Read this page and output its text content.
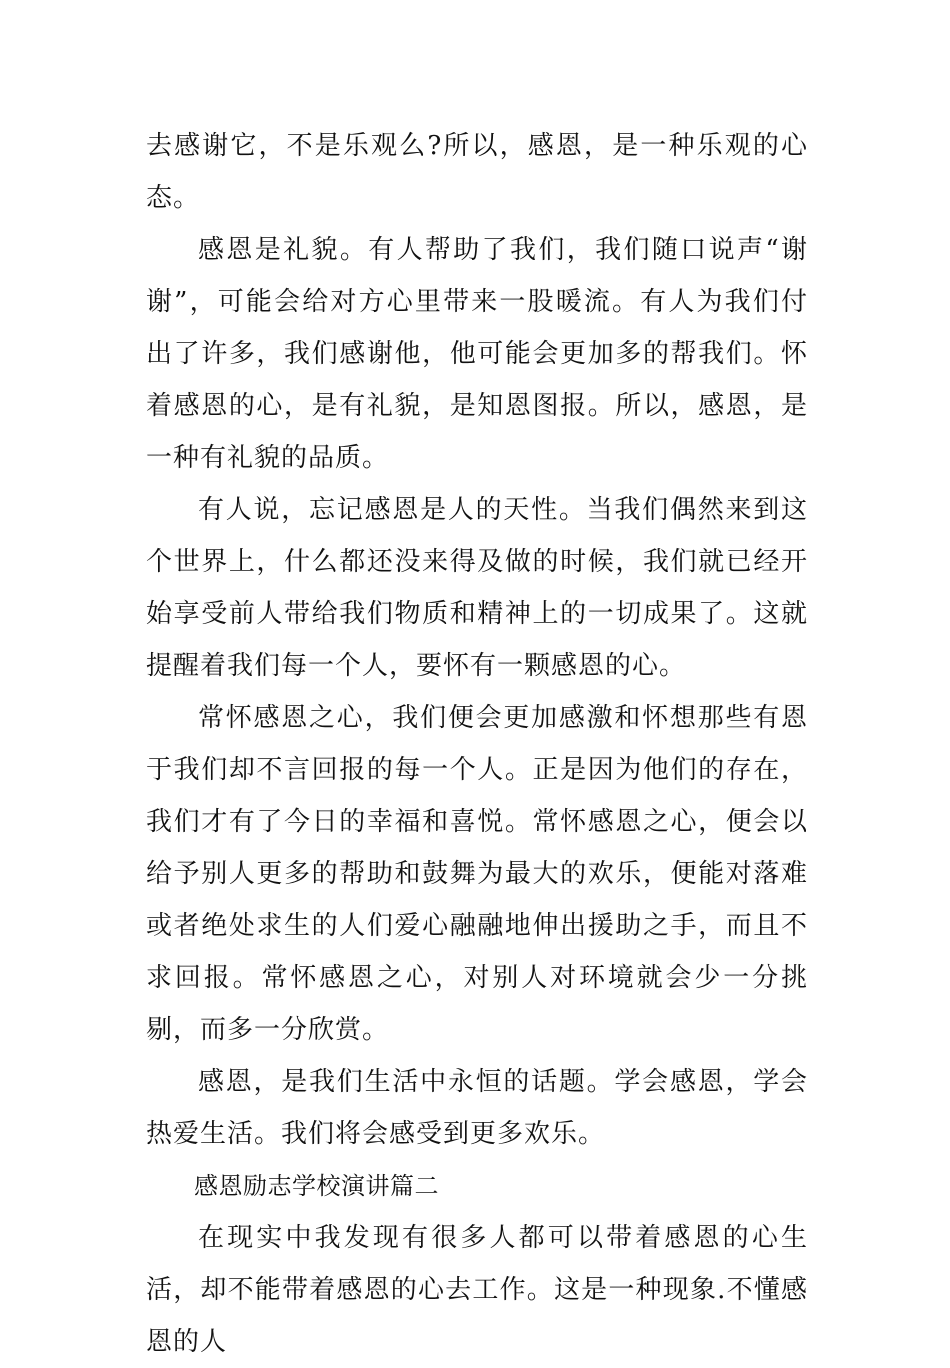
去感谢它，不是乐观么?所以，感恩，是一种乐观的心态。

感恩是礼貌。有人帮助了我们，我们随口说声“谢谢”，可能会给对方心里带来一股暖流。有人为我们付出了许多，我们感谢他，他可能会更加多的帮我们。怀着感恩的心，是有礼貌，是知恩图报。所以，感恩，是一种有礼貌的品质。

有人说，忘记感恩是人的天性。当我们偶然来到这个世界上，什么都还没来得及做的时候，我们就已经开始享受前人带给我们物质和精神上的一切成果了。这就提醒着我们每一个人，要怀有一颗感恩的心。

常怀感恩之心，我们便会更加感激和怀想那些有恩于我们却不言回报的每一个人。正是因为他们的存在，我们才有了今日的幸福和喜悦。常怀感恩之心，便会以给予别人更多的帮助和鼓舞为最大的欢乐，便能对落难或者绝处求生的人们爱心融融地伸出援助之手，而且不求回报。常怀感恩之心，对别人对环境就会少一分挑剔，而多一分欣赏。

感恩，是我们生活中永恒的话题。学会感恩，学会热爱生活。我们将会感受到更多欢乐。

感恩励志学校演讲篇二

在现实中我发现有很多人都可以带着感恩的心生活，却不能带着感恩的心去工作。这是一种现象.不懂感恩的人
